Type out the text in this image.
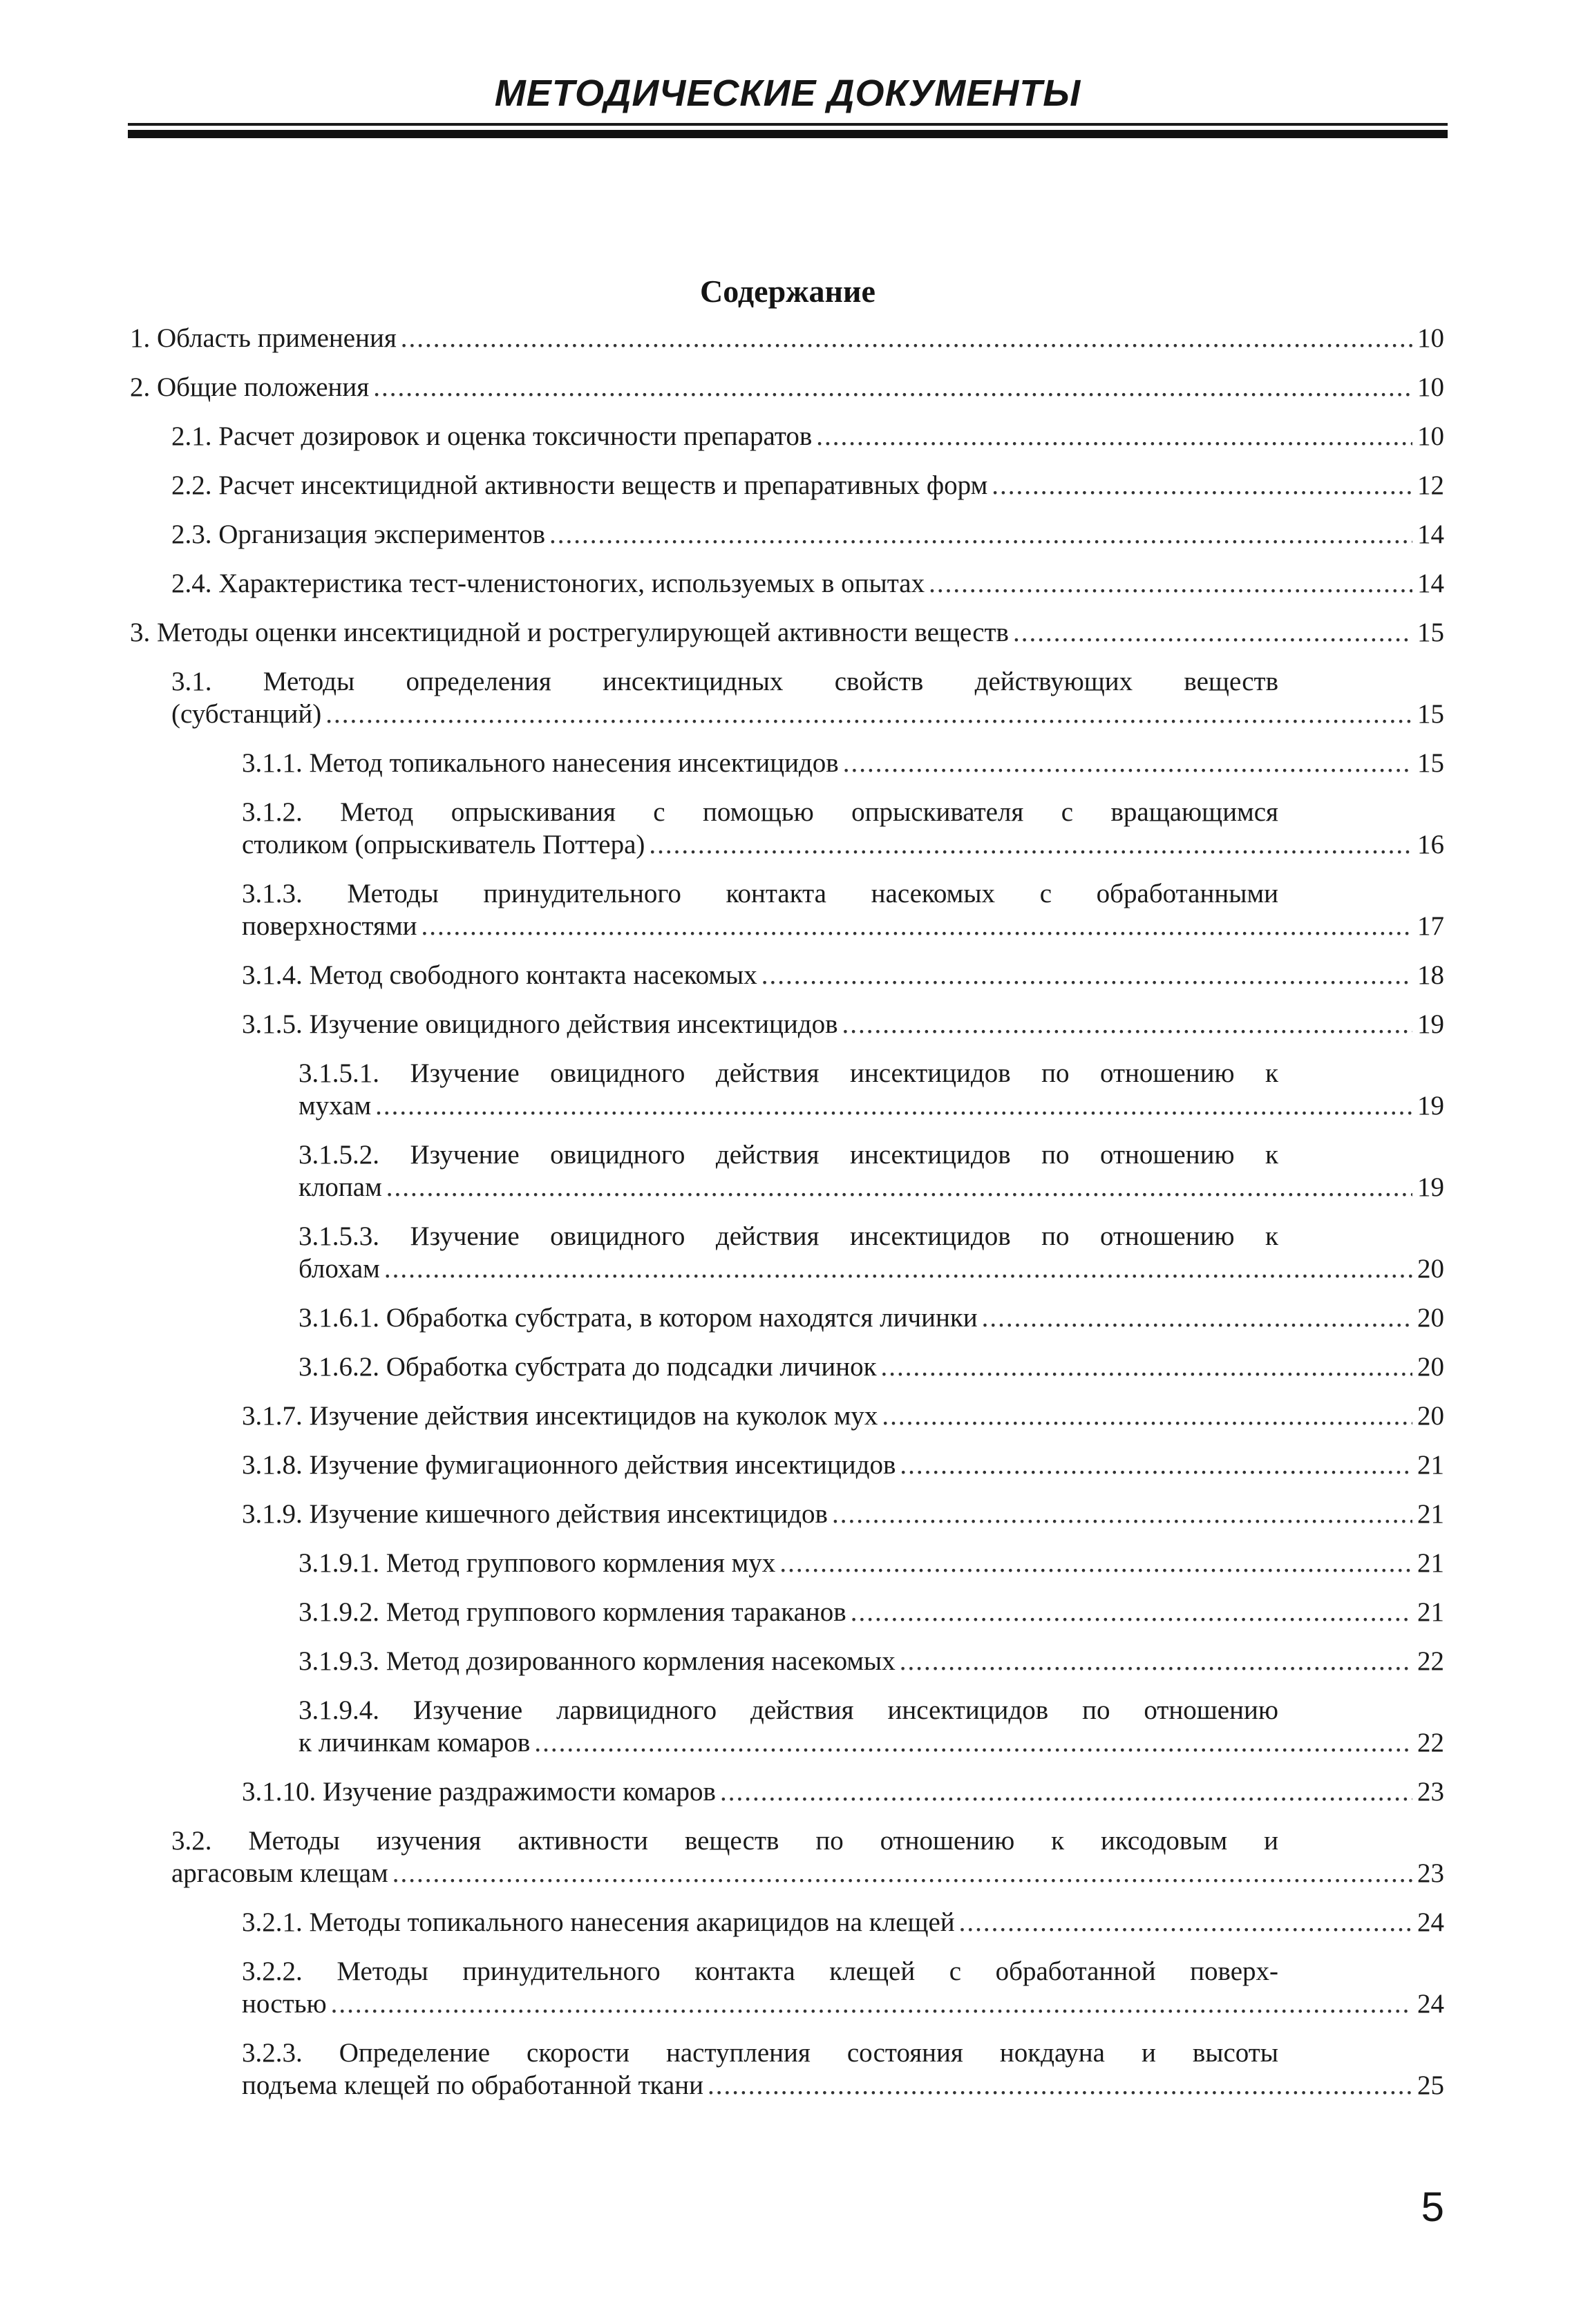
МЕТОДИЧЕСКИЕ ДОКУМЕНТЫ
Содержание
1. Область применения .....	10
2. Общие положения .....	10
2.1. Расчет дозировок и оценка токсичности препаратов .....	10
2.2. Расчет инсектицидной активности веществ и препаративных форм .....	12
2.3. Организация экспериментов .....	14
2.4. Характеристика тест-членистоногих, используемых в опытах .....	14
3. Методы оценки инсектицидной и рострегулирующей активности веществ .....	15
3.1. Методы определения инсектицидных свойств действующих веществ
(субстанций) .....	15
3.1.1. Метод топикального нанесения инсектицидов .....	15
3.1.2. Метод опрыскивания с помощью опрыскивателя с вращающимся
столиком (опрыскиватель Поттера) .....	16
3.1.3. Методы принудительного контакта насекомых с обработанными
поверхностями .....	17
3.1.4. Метод свободного контакта насекомых .....	18
3.1.5. Изучение овицидного действия инсектицидов .....	19
3.1.5.1. Изучение овицидного действия инсектицидов по отношению к
мухам .....	19
3.1.5.2. Изучение овицидного действия инсектицидов по отношению к
клопам .....	19
3.1.5.3. Изучение овицидного действия инсектицидов по отношению к
блохам .....	20
3.1.6.1. Обработка субстрата, в котором находятся личинки .....	20
3.1.6.2. Обработка субстрата до подсадки личинок .....	20
3.1.7. Изучение действия инсектицидов на куколок мух .....	20
3.1.8. Изучение фумигационного действия инсектицидов .....	21
3.1.9. Изучение кишечного действия инсектицидов .....	21
3.1.9.1. Метод группового кормления мух .....	21
3.1.9.2. Метод группового кормления тараканов .....	21
3.1.9.3. Метод дозированного кормления насекомых .....	22
3.1.9.4. Изучение ларвицидного действия инсектицидов по отношению
к личинкам комаров .....	22
3.1.10. Изучение раздражимости комаров .....	23
3.2. Методы изучения активности веществ по отношению к иксодовым и
аргасовым клещам .....	23
3.2.1. Методы топикального нанесения акарицидов на клещей .....	24
3.2.2. Методы принудительного контакта клещей с обработанной поверх-
ностью .....	24
3.2.3. Определение скорости наступления состояния нокдауна и высоты
подъема клещей по обработанной ткани .....	25
5
